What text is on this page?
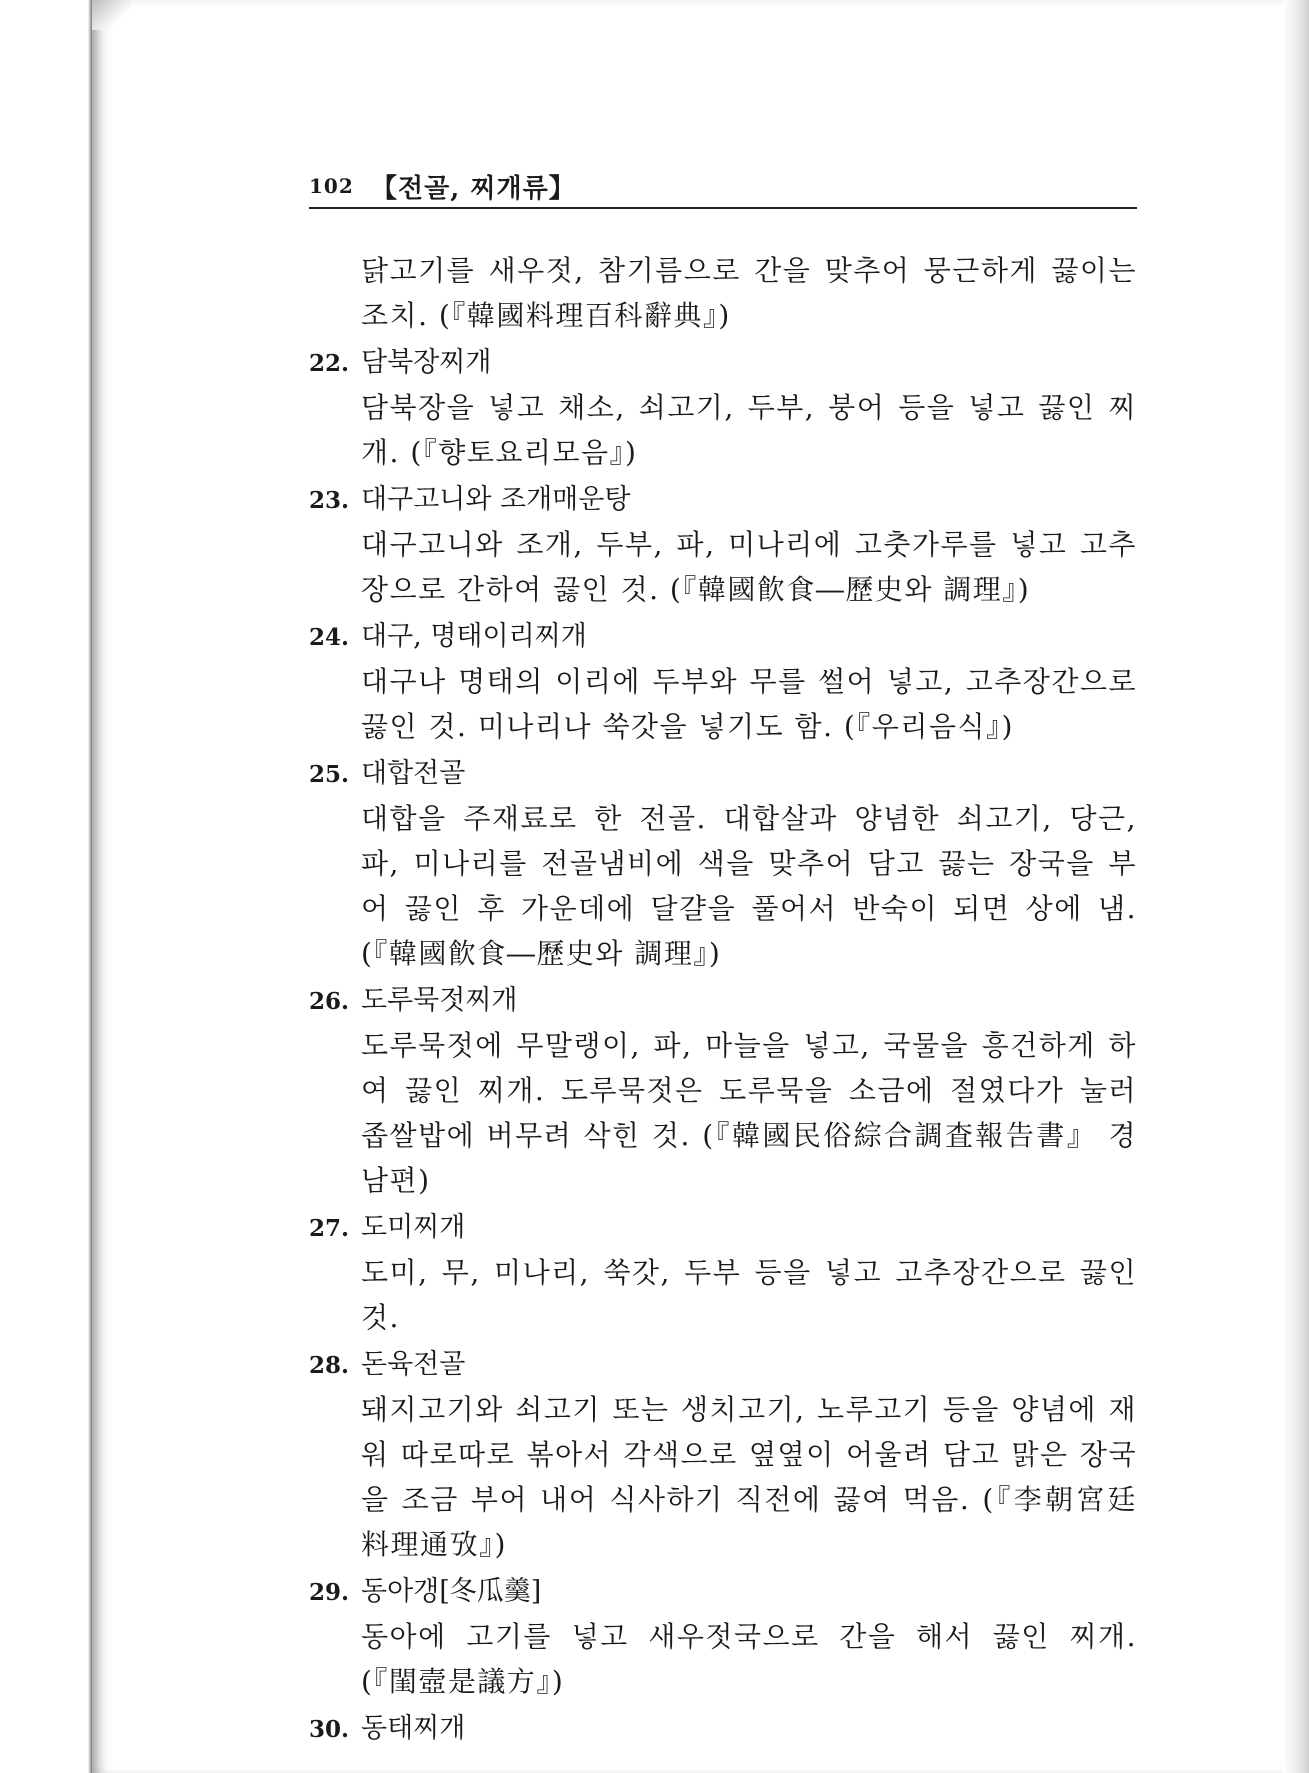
102 【전골, 찌개류】
닭고기를 새우젓, 참기름으로 간을 맞추어 뭉근하게 끓이는 조치. (『韓國料理百科辭典』)
22. 담북장찌개
담북장을 넣고 채소, 쇠고기, 두부, 붕어 등을 넣고 끓인 찌개. (『향토요리모음』)
23. 대구고니와 조개매운탕
대구고니와 조개, 두부, 파, 미나리에 고춧가루를 넣고 고추장으로 간하여 끓인 것. (『韓國飮食―歷史와 調理』)
24. 대구, 명태이리찌개
대구나 명태의 이리에 두부와 무를 썰어 넣고, 고추장간으로 끓인 것. 미나리나 쑥갓을 넣기도 함. (『우리음식』)
25. 대합전골
대합을 주재료로 한 전골. 대합살과 양념한 쇠고기, 당근, 파, 미나리를 전골냄비에 색을 맞추어 담고 끓는 장국을 부어 끓인 후 가운데에 달걀을 풀어서 반숙이 되면 상에 냄. (『韓國飮食―歷史와 調理』)
26. 도루묵젓찌개
도루묵젓에 무말랭이, 파, 마늘을 넣고, 국물을 흥건하게 하여 끓인 찌개. 도루묵젓은 도루묵을 소금에 절였다가 눌러 좁쌀밥에 버무려 삭힌 것. (『韓國民俗綜合調査報告書』 경남편)
27. 도미찌개
도미, 무, 미나리, 쑥갓, 두부 등을 넣고 고추장간으로 끓인 것.
28. 돈육전골
돼지고기와 쇠고기 또는 생치고기, 노루고기 등을 양념에 재워 따로따로 볶아서 각색으로 옆옆이 어울려 담고 맑은 장국을 조금 부어 내어 식사하기 직전에 끓여 먹음. (『李朝宮廷料理通攷』)
29. 동아갱[冬瓜羹]
동아에 고기를 넣고 새우젓국으로 간을 해서 끓인 찌개. (『閨壼是議方』)
30. 동태찌개
